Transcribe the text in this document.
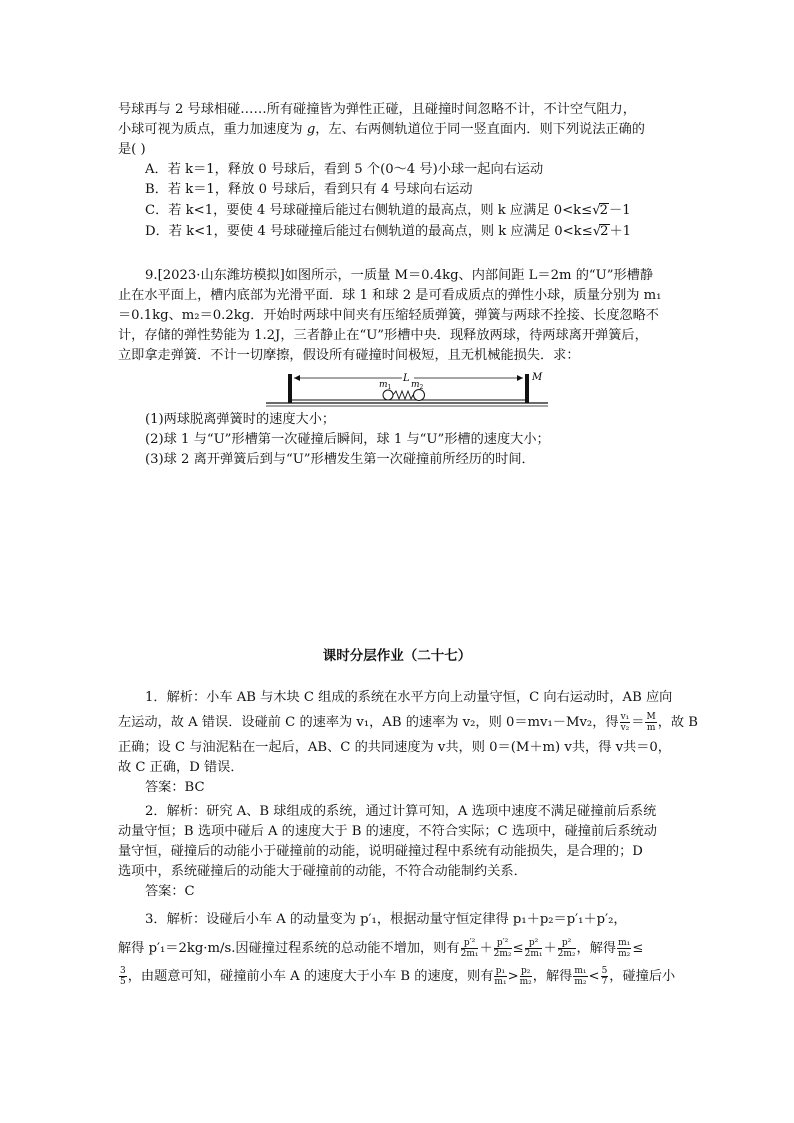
号球再与 2 号球相碰……所有碰撞皆为弹性正碰，且碰撞时间忽略不计，不计空气阻力，
小球可视为质点，重力加速度为 g，左、右两侧轨道位于同一竖直面内．则下列说法正确的
是( )
A．若 k＝1，释放 0 号球后，看到 5 个(0～4 号)小球一起向右运动
B．若 k＝1，释放 0 号球后，看到只有 4 号球向右运动
C．若 k<1，要使 4 号球碰撞后能过右侧轨道的最高点，则 k 应满足 0<k≤√2－1
D．若 k<1，要使 4 号球碰撞后能过右侧轨道的最高点，则 k 应满足 0<k≤√2＋1
9.[2023·山东潍坊模拟]如图所示，一质量 M＝0.4kg、内部间距 L＝2m 的“U”形槽静
止在水平面上，槽内底部为光滑平面．球 1 和球 2 是可看成质点的弹性小球，质量分别为 m₁
＝0.1kg、m₂＝0.2kg．开始时两球中间夹有压缩轻质弹簧，弹簧与两球不拴接、长度忽略不
计，存储的弹性势能为 1.2J，三者静止在“U”形槽中央．现释放两球，待两球离开弹簧后，
立即拿走弹簧．不计一切摩擦，假设所有碰撞时间极短，且无机械能损失．求：
L	M
$m_1$ $m_2$
(1)两球脱离弹簧时的速度大小；
(2)球 1 与“U”形槽第一次碰撞后瞬间，球 1 与“U”形槽的速度大小；
(3)球 2 离开弹簧后到与“U”形槽发生第一次碰撞前所经历的时间．
课时分层作业（二十七）
1．解析：小车 AB 与木块 C 组成的系统在水平方向上动量守恒，C 向右运动时，AB 应向
左运动，故 A 错误．设碰前 C 的速率为 v₁，AB 的速率为 v₂，则 0＝mv₁－Mv₂，得 $\frac{\text{v₁}}{\text{v₂}} = \frac{M}{m}$ ，故 B
正确；设 C 与油泥粘在一起后，AB、C 的共同速度为 v共，则 0＝(M＋m) v共，得 v共＝0，
故 C 正确，D 错误．
答案：BC
2．解析：研究 A、B 球组成的系统，通过计算可知，A 选项中速度不满足碰撞前后系统
动量守恒；B 选项中碰后 A 的速度大于 B 的速度，不符合实际；C 选项中，碰撞前后系统动
量守恒，碰撞后的动能小于碰撞前的动能，说明碰撞过程中系统有动能损失，是合理的；D
选项中，系统碰撞后的动能大于碰撞前的动能，不符合动能制约关系．
答案：C
3．解析：设碰后小车 A 的动量变为 p′₁，根据动量守恒定律得 p₁＋p₂＝p′₁＋p′₂，
解得 p′₁＝2kg·m/s.因碰撞过程系统的总动能不增加，则有 $\frac{\text{p′²}}{\text{2m₁}} + \frac{\text{p′²}}{\text{2m₂}} \le \frac{\text{p²}}{\text{2m₁}} + \frac{\text{p²}}{\text{2m₂}}$ ，解得 $\frac{\text{m₁}}{\text{m₂}}$ ≤
$\frac{3}{5}$ ，由题意可知，碰撞前小车 A 的速度大于小车 B 的速度，则有 $\frac{\text{p₁}}{\text{m₁}} > \frac{\text{p₂}}{\text{m₂}}$ ，解得 $\frac{\text{m₁}}{\text{m₂}} < \frac{5}{7}$ ，碰撞后小
